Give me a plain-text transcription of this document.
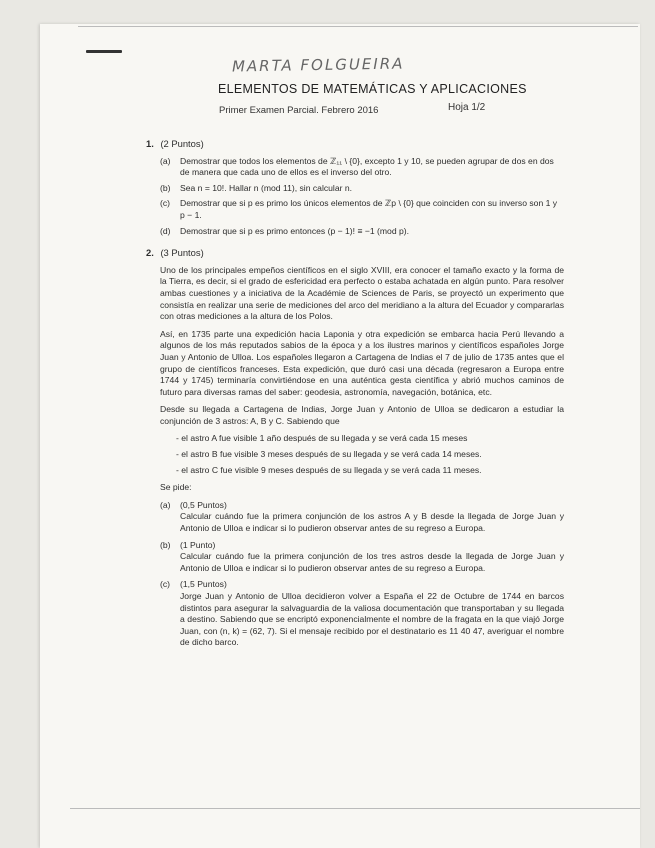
MARTA FOLGUEIRA
ELEMENTOS DE MATEMÁTICAS Y APLICACIONES
Primer Examen Parcial. Febrero 2016	Hoja 1/2
1. (2 Puntos)
(a)	Demostrar que todos los elementos de ℤ₁₁ \ {0}, excepto 1 y 10, se pueden agrupar de dos en dos de manera que cada uno de ellos es el inverso del otro.
(b)	Sea n = 10!. Hallar n (mod 11), sin calcular n.
(c)	Demostrar que si p es primo los únicos elementos de ℤp \ {0} que coinciden con su inverso son 1 y p − 1.
(d)	Demostrar que si p es primo entonces (p − 1)! ≡ −1 (mod p).
2. (3 Puntos)

Uno de los principales empeños científicos en el siglo XVIII, era conocer el tamaño exacto y la forma de la Tierra, es decir, si el grado de esfericidad era perfecto o estaba achatada en algún punto. Para resolver ambas cuestiones y a iniciativa de la Académie de Sciences de Paris, se proyectó un experimento que consistía en realizar una serie de mediciones del arco del meridiano a la altura del Ecuador y compararlas con otras mediciones a la altura de los Polos.

Así, en 1735 parte una expedición hacia Laponia y otra expedición se embarca hacia Perú llevando a algunos de los más reputados sabios de la época y a los ilustres marinos y científicos españoles Jorge Juan y Antonio de Ulloa. Los españoles llegaron a Cartagena de Indias el 7 de julio de 1735 antes que el grupo de científicos franceses. Esta expedición, que duró casi una década (regresaron a Europa entre 1744 y 1745) terminaría convirtiéndose en una auténtica gesta científica y abrió muchos caminos de futuro para diversas ramas del saber: geodesia, astronomía, navegación, botánica, etc.

Desde su llegada a Cartagena de Indias, Jorge Juan y Antonio de Ulloa se dedicaron a estudiar la conjunción de 3 astros: A, B y C. Sabiendo que

- el astro A fue visible 1 año después de su llegada y se verá cada 15 meses
- el astro B fue visible 3 meses después de su llegada y se verá cada 14 meses.
- el astro C fue visible 9 meses después de su llegada y se verá cada 11 meses.

Se pide:

(a)	(0,5 Puntos)
Calcular cuándo fue la primera conjunción de los astros A y B desde la llegada de Jorge Juan y Antonio de Ulloa e indicar si lo pudieron observar antes de su regreso a Europa.
(b)	(1 Punto)
Calcular cuándo fue la primera conjunción de los tres astros desde la llegada de Jorge Juan y Antonio de Ulloa e indicar si lo pudieron observar antes de su regreso a Europa.
(c)	(1,5 Puntos)
Jorge Juan y Antonio de Ulloa decidieron volver a España el 22 de Octubre de 1744 en barcos distintos para asegurar la salvaguardia de la valiosa documentación que transportaban y su llegada a destino. Sabiendo que se encriptó exponencialmente el nombre de la fragata en la que viajó Jorge Juan, con (n, k) = (62, 7). Si el mensaje recibido por el destinatario es 11 40 47, averiguar el nombre de dicho barco.
